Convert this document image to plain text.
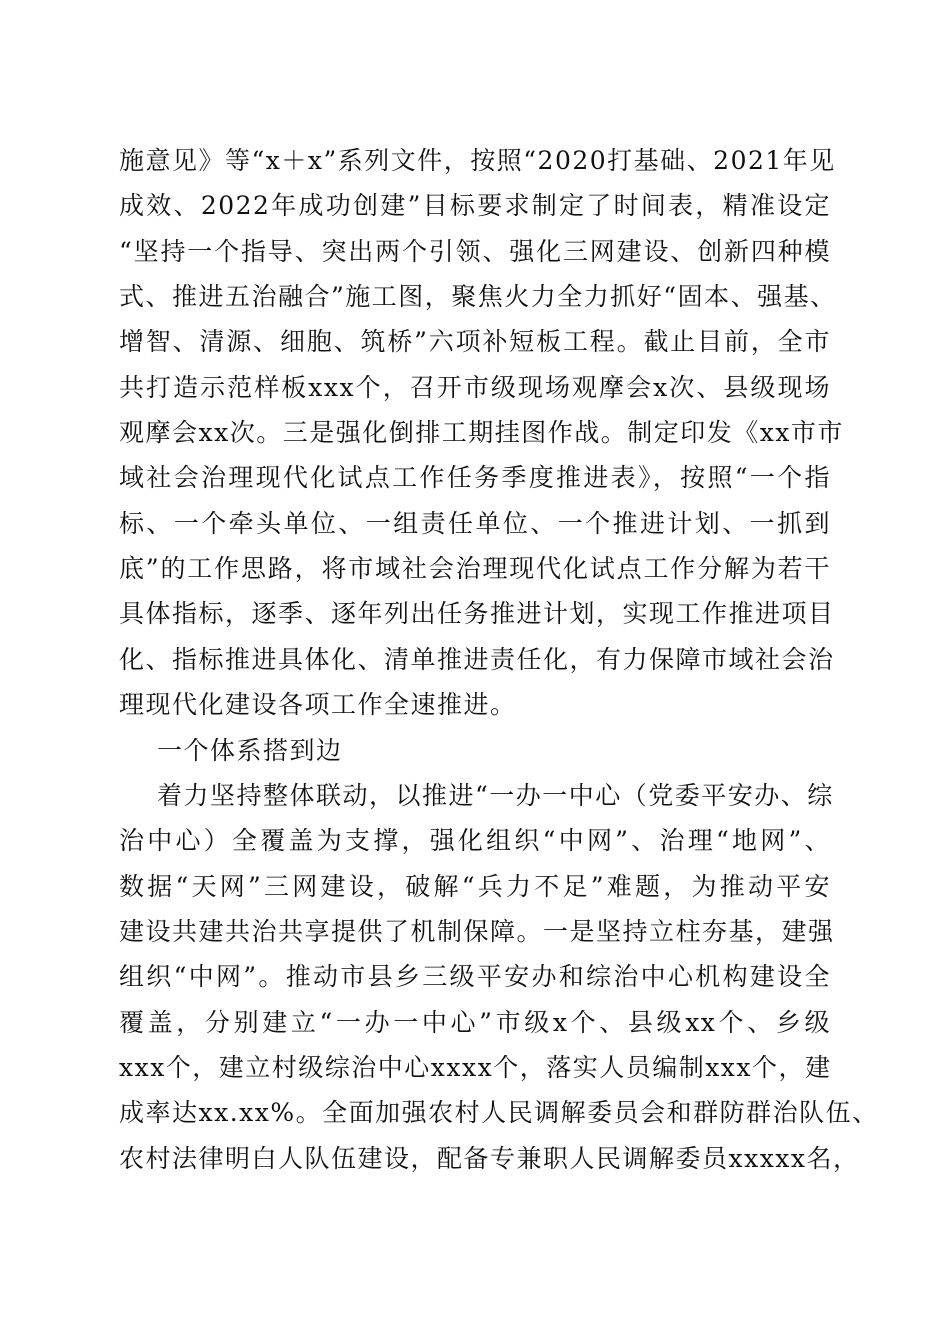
施意见》等“x＋x”系列文件，按照“2020打基础、2021年见
成效、2022年成功创建”目标要求制定了时间表，精准设定
“坚持一个指导、突出两个引领、强化三网建设、创新四种模
式、推进五治融合”施工图，聚焦火力全力抓好“固本、强基、
增智、清源、细胞、筑桥”六项补短板工程。截止目前，全市
共打造示范样板xxx个，召开市级现场观摩会x次、县级现场
观摩会xx次。三是强化倒排工期挂图作战。制定印发《xx市市
域社会治理现代化试点工作任务季度推进表》，按照“一个指
标、一个牵头单位、一组责任单位、一个推进计划、一抓到
底”的工作思路，将市域社会治理现代化试点工作分解为若干
具体指标，逐季、逐年列出任务推进计划，实现工作推进项目
化、指标推进具体化、清单推进责任化，有力保障市域社会治
理现代化建设各项工作全速推进。
一个体系搭到边
着力坚持整体联动，以推进“一办一中心（党委平安办、综
治中心）全覆盖为支撑，强化组织“中网”、治理“地网”、
数据“天网”三网建设，破解“兵力不足”难题，为推动平安
建设共建共治共享提供了机制保障。一是坚持立柱夯基，建强
组织“中网”。推动市县乡三级平安办和综治中心机构建设全
覆盖，分别建立“一办一中心”市级x个、县级xx个、乡级
xxx个，建立村级综治中心xxxx个，落实人员编制xxx个，建
成率达xx.xx%。全面加强农村人民调解委员会和群防群治队伍、
农村法律明白人队伍建设，配备专兼职人民调解委员xxxxx名，
